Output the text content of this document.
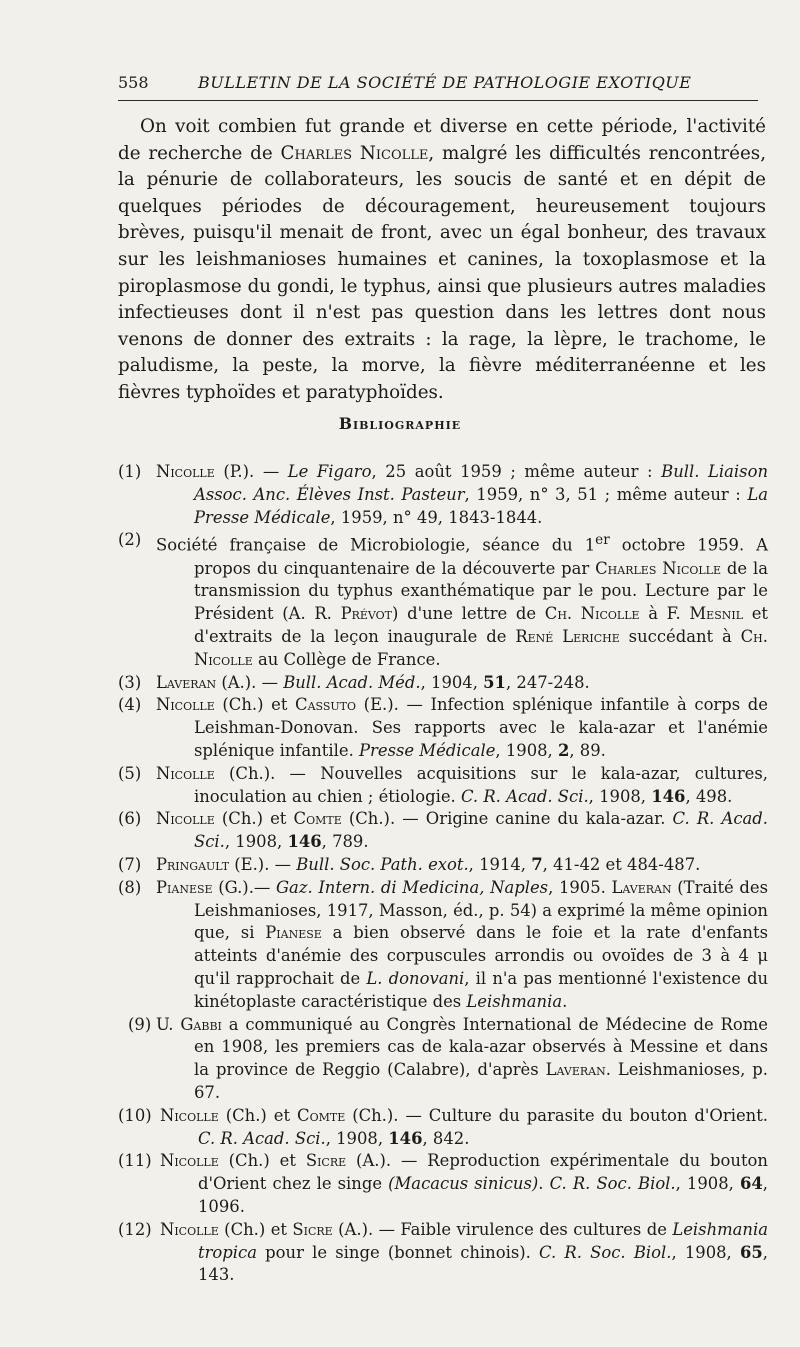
558	BULLETIN DE LA SOCIÉTÉ DE PATHOLOGIE EXOTIQUE

On voit combien fut grande et diverse en cette période, l'activité de recherche de Charles Nicolle, malgré les difficultés rencontrées, la pénurie de collaborateurs, les soucis de santé et en dépit de quelques périodes de découragement, heureusement toujours brèves, puisqu'il menait de front, avec un égal bonheur, des travaux sur les leishmanioses humaines et canines, la toxoplasmose et la piroplasmose du gondi, le typhus, ainsi que plusieurs autres maladies infectieuses dont il n'est pas question dans les lettres dont nous venons de donner des extraits : la rage, la lèpre, le trachome, le paludisme, la peste, la morve, la fièvre méditerranéenne et les fièvres typhoïdes et paratyphoïdes.

Bibliographie
(1) Nicolle (P.). — Le Figaro, 25 août 1959 ; même auteur : Bull. Liaison Assoc. Anc. Élèves Inst. Pasteur, 1959, n° 3, 51 ; même auteur : La Presse Médicale, 1959, n° 49, 1843-1844.
(2) Société française de Microbiologie, séance du 1er octobre 1959. A propos du cinquantenaire de la découverte par Charles Nicolle de la transmission du typhus exanthématique par le pou. Lecture par le Président (A. R. Prévot) d'une lettre de Ch. Nicolle à F. Mesnil et d'extraits de la leçon inaugurale de René Leriche succédant à Ch. Nicolle au Collège de France.
(3) Laveran (A.). — Bull. Acad. Méd., 1904, 51, 247-248.
(4) Nicolle (Ch.) et Cassuto (E.). — Infection splénique infantile à corps de Leishman-Donovan. Ses rapports avec le kala-azar et l'anémie splénique infantile. Presse Médicale, 1908, 2, 89.
(5) Nicolle (Ch.). — Nouvelles acquisitions sur le kala-azar, cultures, inoculation au chien ; étiologie. C. R. Acad. Sci., 1908, 146, 498.
(6) Nicolle (Ch.) et Comte (Ch.). — Origine canine du kala-azar. C. R. Acad. Sci., 1908, 146, 789.
(7) Pringault (E.). — Bull. Soc. Path. exot., 1914, 7, 41-42 et 484-487.
(8) Pianese (G.).— Gaz. Intern. di Medicina, Naples, 1905. Laveran (Traité des Leishmanioses, 1917, Masson, éd., p. 54) a exprimé la même opinion que, si Pianese a bien observé dans le foie et la rate d'enfants atteints d'anémie des corpuscules arrondis ou ovoïdes de 3 à 4 μ qu'il rapprochait de L. donovani, il n'a pas mentionné l'existence du kinétoplaste caractéristique des Leishmania.
(9) U. Gabbi a communiqué au Congrès International de Médecine de Rome en 1908, les premiers cas de kala-azar observés à Messine et dans la province de Reggio (Calabre), d'après Laveran. Leishmanioses, p. 67.
(10) Nicolle (Ch.) et Comte (Ch.). — Culture du parasite du bouton d'Orient. C. R. Acad. Sci., 1908, 146, 842.
(11) Nicolle (Ch.) et Sicre (A.). — Reproduction expérimentale du bouton d'Orient chez le singe (Macacus sinicus). C. R. Soc. Biol., 1908, 64, 1096.
(12) Nicolle (Ch.) et Sicre (A.). — Faible virulence des cultures de Leishmania tropica pour le singe (bonnet chinois). C. R. Soc. Biol., 1908, 65, 143.
